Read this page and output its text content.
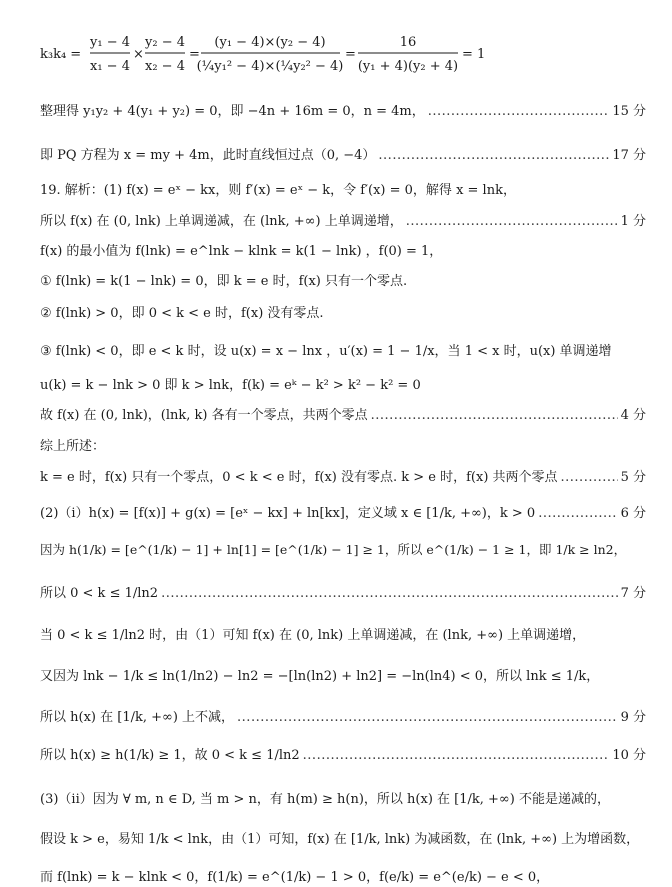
k₃k₄ =
y₁ − 4
x₁ − 4
×
y₂ − 4
x₂ − 4
=
(y₁ − 4)×(y₂ − 4)
(¼y₁² − 4)×(¼y₂² − 4)
=
16
(y₁ + 4)(y₂ + 4)
= 1
整理得 y₁y₂ + 4(y₁ + y₂) = 0，即 −4n + 16m = 0，n = 4m， .....	15 分
即 PQ 方程为 x = my + 4m，此时直线恒过点（0, −4） .....	17 分
19. 解析：(1) f(x) = eˣ − kx，则 f′(x) = eˣ − k，令 f′(x) = 0，解得 x = lnk，
所以 f(x) 在 (0, lnk) 上单调递减，在 (lnk, +∞) 上单调递增， .....	1 分
f(x) 的最小值为 f(lnk) = e^lnk − klnk = k(1 − lnk) ，f(0) = 1，
① f(lnk) = k(1 − lnk) = 0，即 k = e 时，f(x) 只有一个零点.
② f(lnk) > 0，即 0 < k < e 时，f(x) 没有零点.
③ f(lnk) < 0，即 e < k 时，设 u(x) = x − lnx ，u′(x) = 1 − 1/x，当 1 < x 时，u(x) 单调递增
u(k) = k − lnk > 0 即 k > lnk，f(k) = eᵏ − k² > k² − k² = 0
故 f(x) 在 (0, lnk)，(lnk, k) 各有一个零点，共两个零点 .....	4 分
综上所述：
k = e 时，f(x) 只有一个零点，0 < k < e 时，f(x) 没有零点. k > e 时，f(x) 共两个零点 .....	5 分
(2)（i）h(x) = [f(x)] + g(x) = [eˣ − kx] + ln[kx]，定义域 x ∈ [1/k, +∞)，k > 0 .....	6 分
因为 h(1/k) = [e^(1/k) − 1] + ln[1] = [e^(1/k) − 1] ≥ 1，所以 e^(1/k) − 1 ≥ 1，即 1/k ≥ ln2，
所以 0 < k ≤ 1/ln2 .....	7 分
当 0 < k ≤ 1/ln2 时，由（1）可知 f(x) 在 (0, lnk) 上单调递减，在 (lnk, +∞) 上单调递增，
又因为 lnk − 1/k ≤ ln(1/ln2) − ln2 = −[ln(ln2) + ln2] = −ln(ln4) < 0，所以 lnk ≤ 1/k，
所以 h(x) 在 [1/k, +∞) 上不减， .....	9 分
所以 h(x) ≥ h(1/k) ≥ 1，故 0 < k ≤ 1/ln2 .....	10 分
(3)（ii）因为 ∀ m, n ∈ D, 当 m > n，有 h(m) ≥ h(n)，所以 h(x) 在 [1/k, +∞) 不能是递减的，
假设 k > e，易知 1/k < lnk，由（1）可知，f(x) 在 [1/k, lnk) 为减函数，在 (lnk, +∞) 上为增函数，
而 f(lnk) = k − klnk < 0，f(1/k) = e^(1/k) − 1 > 0，f(e/k) = e^(e/k) − e < 0，
